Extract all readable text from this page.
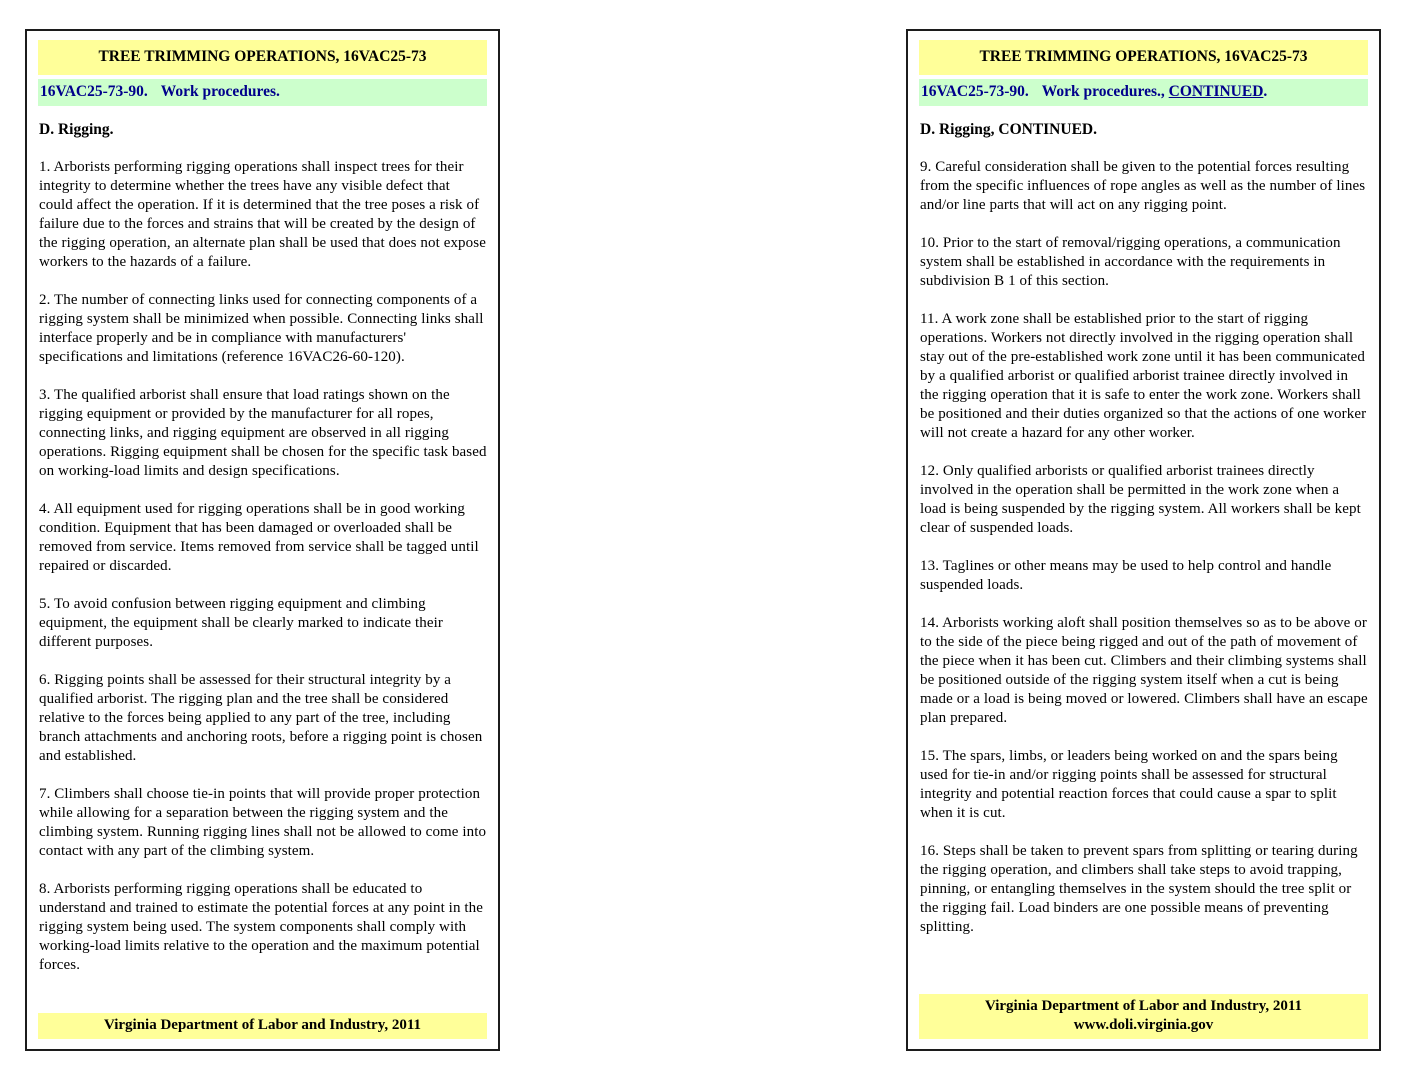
TREE TRIMMING OPERATIONS, 16VAC25-73
16VAC25-73-90. Work procedures.
D. Rigging.

1. Arborists performing rigging operations shall inspect trees for their integrity to determine whether the trees have any visible defect that could affect the operation. If it is determined that the tree poses a risk of failure due to the forces and strains that will be created by the design of the rigging operation, an alternate plan shall be used that does not expose workers to the hazards of a failure.

2. The number of connecting links used for connecting components of a rigging system shall be minimized when possible. Connecting links shall interface properly and be in compliance with manufacturers' specifications and limitations (reference 16VAC26-60-120).

3. The qualified arborist shall ensure that load ratings shown on the rigging equipment or provided by the manufacturer for all ropes, connecting links, and rigging equipment are observed in all rigging operations. Rigging equipment shall be chosen for the specific task based on working-load limits and design specifications.

4. All equipment used for rigging operations shall be in good working condition. Equipment that has been damaged or overloaded shall be removed from service. Items removed from service shall be tagged until repaired or discarded.

5. To avoid confusion between rigging equipment and climbing equipment, the equipment shall be clearly marked to indicate their different purposes.

6. Rigging points shall be assessed for their structural integrity by a qualified arborist. The rigging plan and the tree shall be considered relative to the forces being applied to any part of the tree, including branch attachments and anchoring roots, before a rigging point is chosen and established.

7. Climbers shall choose tie-in points that will provide proper protection while allowing for a separation between the rigging system and the climbing system. Running rigging lines shall not be allowed to come into contact with any part of the climbing system.

8. Arborists performing rigging operations shall be educated to understand and trained to estimate the potential forces at any point in the rigging system being used. The system components shall comply with working-load limits relative to the operation and the maximum potential forces.

Virginia Department of Labor and Industry, 2011
TREE TRIMMING OPERATIONS, 16VAC25-73
16VAC25-73-90. Work procedures., CONTINUED.
D. Rigging, CONTINUED.

9. Careful consideration shall be given to the potential forces resulting from the specific influences of rope angles as well as the number of lines and/or line parts that will act on any rigging point.

10. Prior to the start of removal/rigging operations, a communication system shall be established in accordance with the requirements in subdivision B 1 of this section.

11. A work zone shall be established prior to the start of rigging operations. Workers not directly involved in the rigging operation shall stay out of the pre-established work zone until it has been communicated by a qualified arborist or qualified arborist trainee directly involved in the rigging operation that it is safe to enter the work zone. Workers shall be positioned and their duties organized so that the actions of one worker will not create a hazard for any other worker.

12. Only qualified arborists or qualified arborist trainees directly involved in the operation shall be permitted in the work zone when a load is being suspended by the rigging system. All workers shall be kept clear of suspended loads.

13. Taglines or other means may be used to help control and handle suspended loads.

14. Arborists working aloft shall position themselves so as to be above or to the side of the piece being rigged and out of the path of movement of the piece when it has been cut. Climbers and their climbing systems shall be positioned outside of the rigging system itself when a cut is being made or a load is being moved or lowered. Climbers shall have an escape plan prepared.

15. The spars, limbs, or leaders being worked on and the spars being used for tie-in and/or rigging points shall be assessed for structural integrity and potential reaction forces that could cause a spar to split when it is cut.

16. Steps shall be taken to prevent spars from splitting or tearing during the rigging operation, and climbers shall take steps to avoid trapping, pinning, or entangling themselves in the system should the tree split or the rigging fail. Load binders are one possible means of preventing splitting.

Virginia Department of Labor and Industry, 2011
www.doli.virginia.gov
